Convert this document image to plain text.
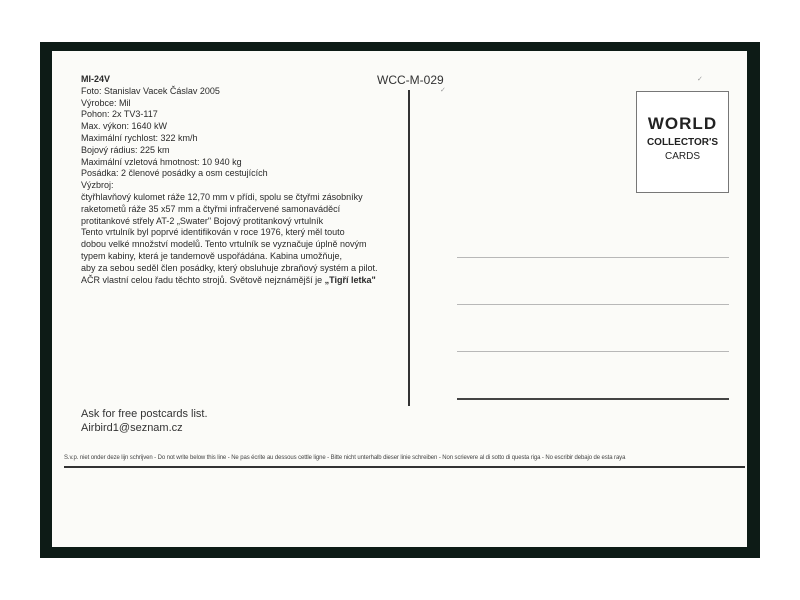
MI-24V
Foto: Stanislav Vacek Čáslav 2005
Výrobce: Mil
Pohon: 2x TV3-117
Max. výkon: 1640 kW
Maximální rychlost: 322 km/h
Bojový rádius: 225 km
Maximální vzletová hmotnost: 10 940 kg
Posádka: 2 členové posádky a osm cestujících
Výzbroj:
čtyřhlavňový kulomet ráže 12,70 mm v přídi, spolu se čtyřmi zásobníky
raketometů ráže 35 x57 mm a čtyřmi infračervené samonaváděcí
protitankové střely AT-2 „Swater" Bojový protitankový vrtulník
Tento vrtulník byl poprvé identifikován v roce 1976, který měl touto
dobou velké množství modelů. Tento vrtulník se vyznačuje úplně novým
typem kabiny, která je tandemově uspořádána. Kabina umožňuje,
aby za sebou seděl člen posádky, který obsluhuje zbraňový systém a pilot.
AČR vlastní celou řadu těchto strojů. Světově nejznámější je „Tigří letka"
WCC-M-029
✓
✓
WORLD
COLLECTOR'S
CARDS
Ask for free postcards list.
Airbird1@seznam.cz
S.v.p. niet onder deze lijn schrijven - Do not write below this line - Ne pas écrite au dessous cettle ligne - Bitte nicht unterhalb dieser linie schreiben - Non scrievere al di sotto di questa riga - No escribir debajo de esta raya
